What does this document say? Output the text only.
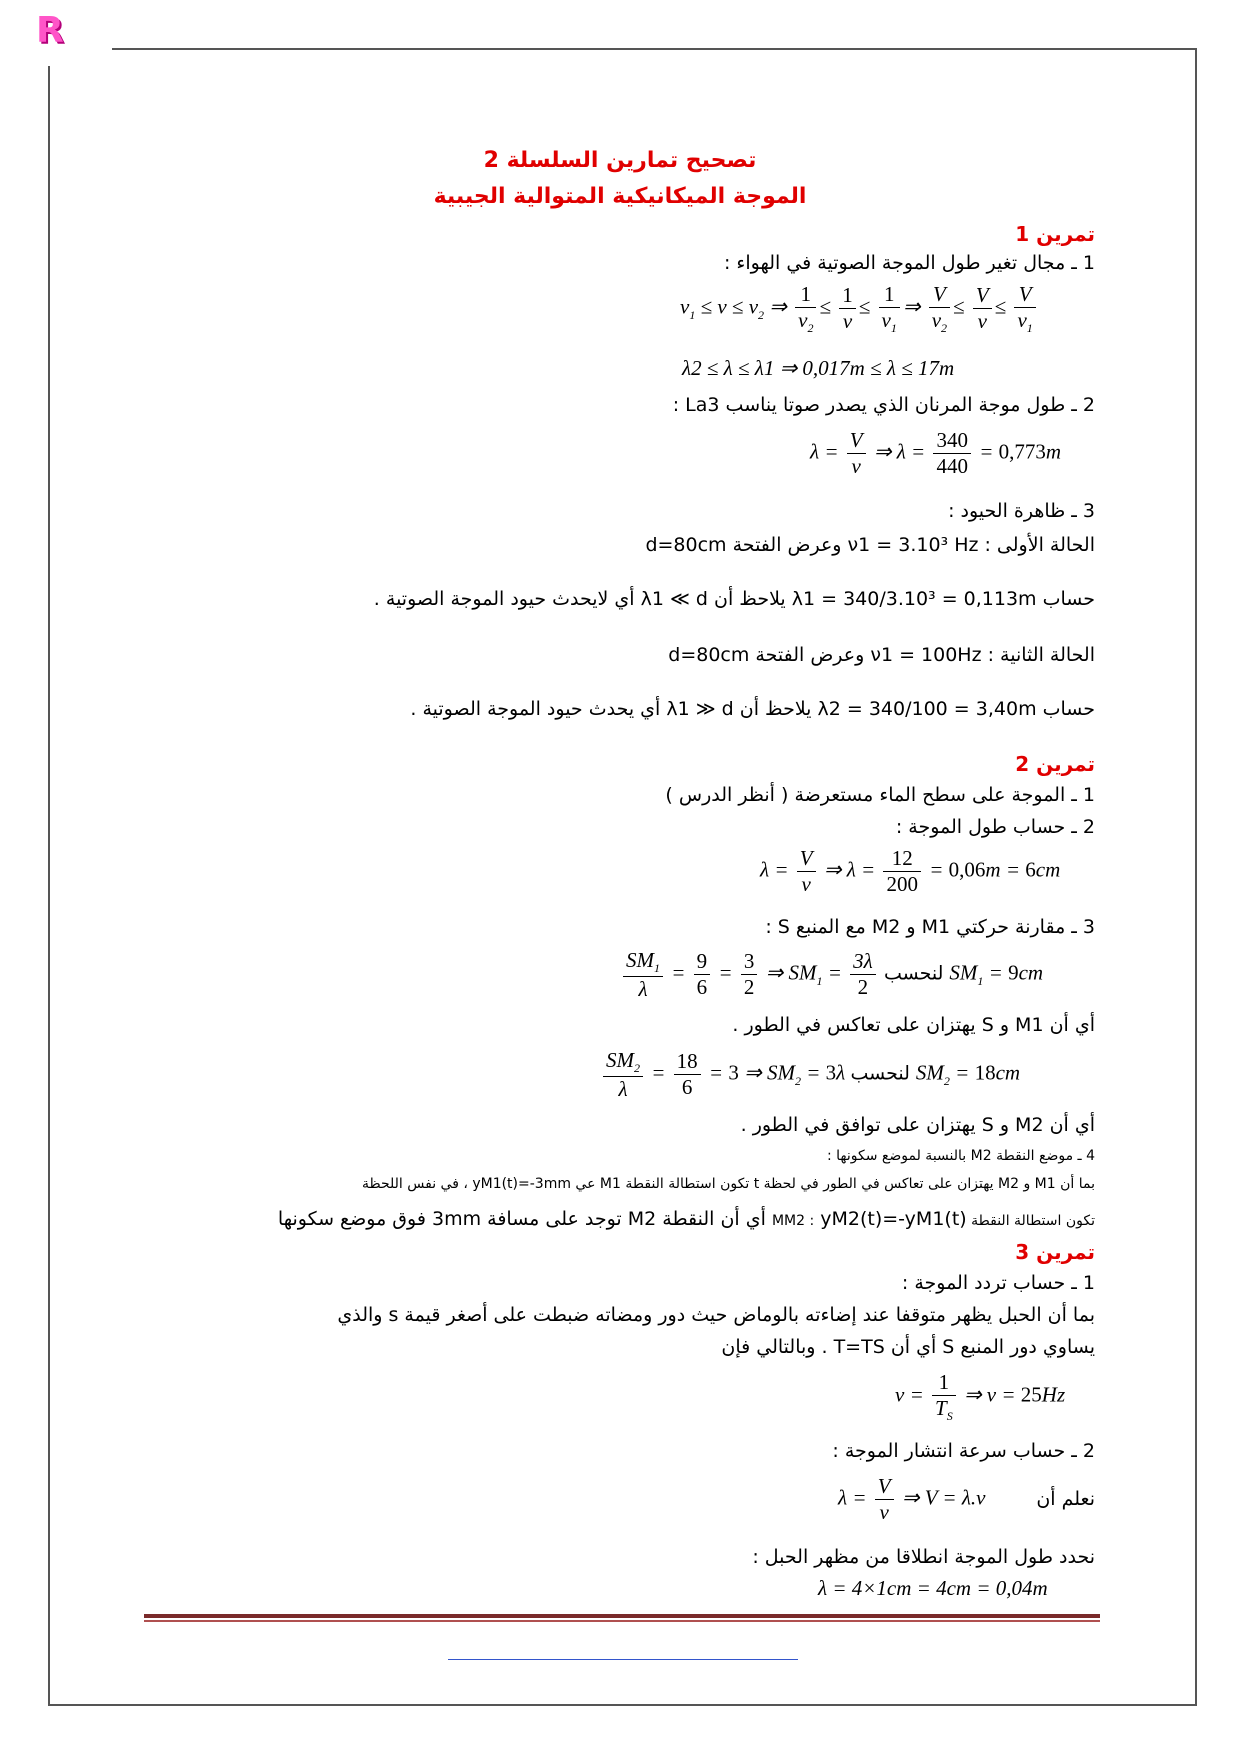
R
تصحيح تمارين السلسلة 2
الموجة الميكانيكية المتوالية الجيبية
تمرين 1
1 ـ مجال تغير طول الموجة الصوتية في الهواء :
$\nu_1 \le \nu \le \nu_2$ ⇒ $\frac{1}{\nu_2} \le \frac{1}{\nu} \le \frac{1}{\nu_1}$ ⇒ $\frac{V}{\nu_2} \le \frac{V}{\nu} \le \frac{V}{\nu_1}$
λ2 ≤ λ ≤ λ1 ⇒ 0,017m ≤ λ ≤ 17m
2 ـ طول موجة المرنان الذي يصدر صوتا يناسب La3 :
$\lambda = \frac{V}{\nu}$ ⇒ $\lambda = \frac{340}{440} = 0,773m$
3 ـ ظاهرة الحيود :
الحالة الأولى : ν1 = 3.10³ Hz وعرض الفتحة d=80cm
حساب λ1 = 340/3.10³ = 0,113m يلاحظ أن λ1 ≪ d أي لايحدث حيود الموجة الصوتية .
الحالة الثانية : ν1 = 100Hz وعرض الفتحة d=80cm
حساب λ2 = 340/100 = 3,40m يلاحظ أن λ1 ≫ d أي يحدث حيود الموجة الصوتية .
تمرين 2
1 ـ الموجة على سطح الماء مستعرضة ( أنظر الدرس )
2 ـ حساب طول الموجة :
$\lambda = \frac{V}{\nu}$ ⇒ $\lambda = \frac{12}{200} = 0,06m = 6cm$
3 ـ مقارنة حركتي M1 و M2 مع المنبع S :
$\frac{SM_1}{\lambda} = \frac{9}{6} = \frac{3}{2}$ ⇒ $SM_1 = \frac{3\lambda}{2}$ لنحسب $SM_1 = 9cm$
أي أن M1 و S يهتزان على تعاكس في الطور .
$\frac{SM_2}{\lambda} = \frac{18}{6} = 3$ ⇒ $SM_2 = 3\lambda$ لنحسب $SM_2 = 18cm$
أي أن M2 و S يهتزان على توافق في الطور .
4 ـ موضع النقطة M2 بالنسبة لموضع سكونها :
بما أن M1 و M2 يهتزان على تعاكس في الطور في لحظة t تكون استطالة النقطة M1 عي yM1(t)=-3mm ، في نفس اللحظة
تكون استطالة النقطة MM2 : yM2(t)=-yM1(t) أي أن النقطة M2 توجد على مسافة 3mm فوق موضع سكونها
تمرين 3
1 ـ حساب تردد الموجة :
بما أن الحبل يظهر متوقفا عند إضاءته بالوماض حيث دور ومضاته ضبطت على أصغر قيمة s والذي
يساوي دور المنبع S أي أن T=TS . وبالتالي فإن
$\nu = \frac{1}{T_S}$ ⇒ ν = 25Hz
2 ـ حساب سرعة انتشار الموجة :
نعلم أن
$\lambda = \frac{V}{\nu}$ ⇒ V = λ.ν
نحدد طول الموجة انطلاقا من مظهر الحبل :
λ = 4×1cm = 4cm = 0,04m
